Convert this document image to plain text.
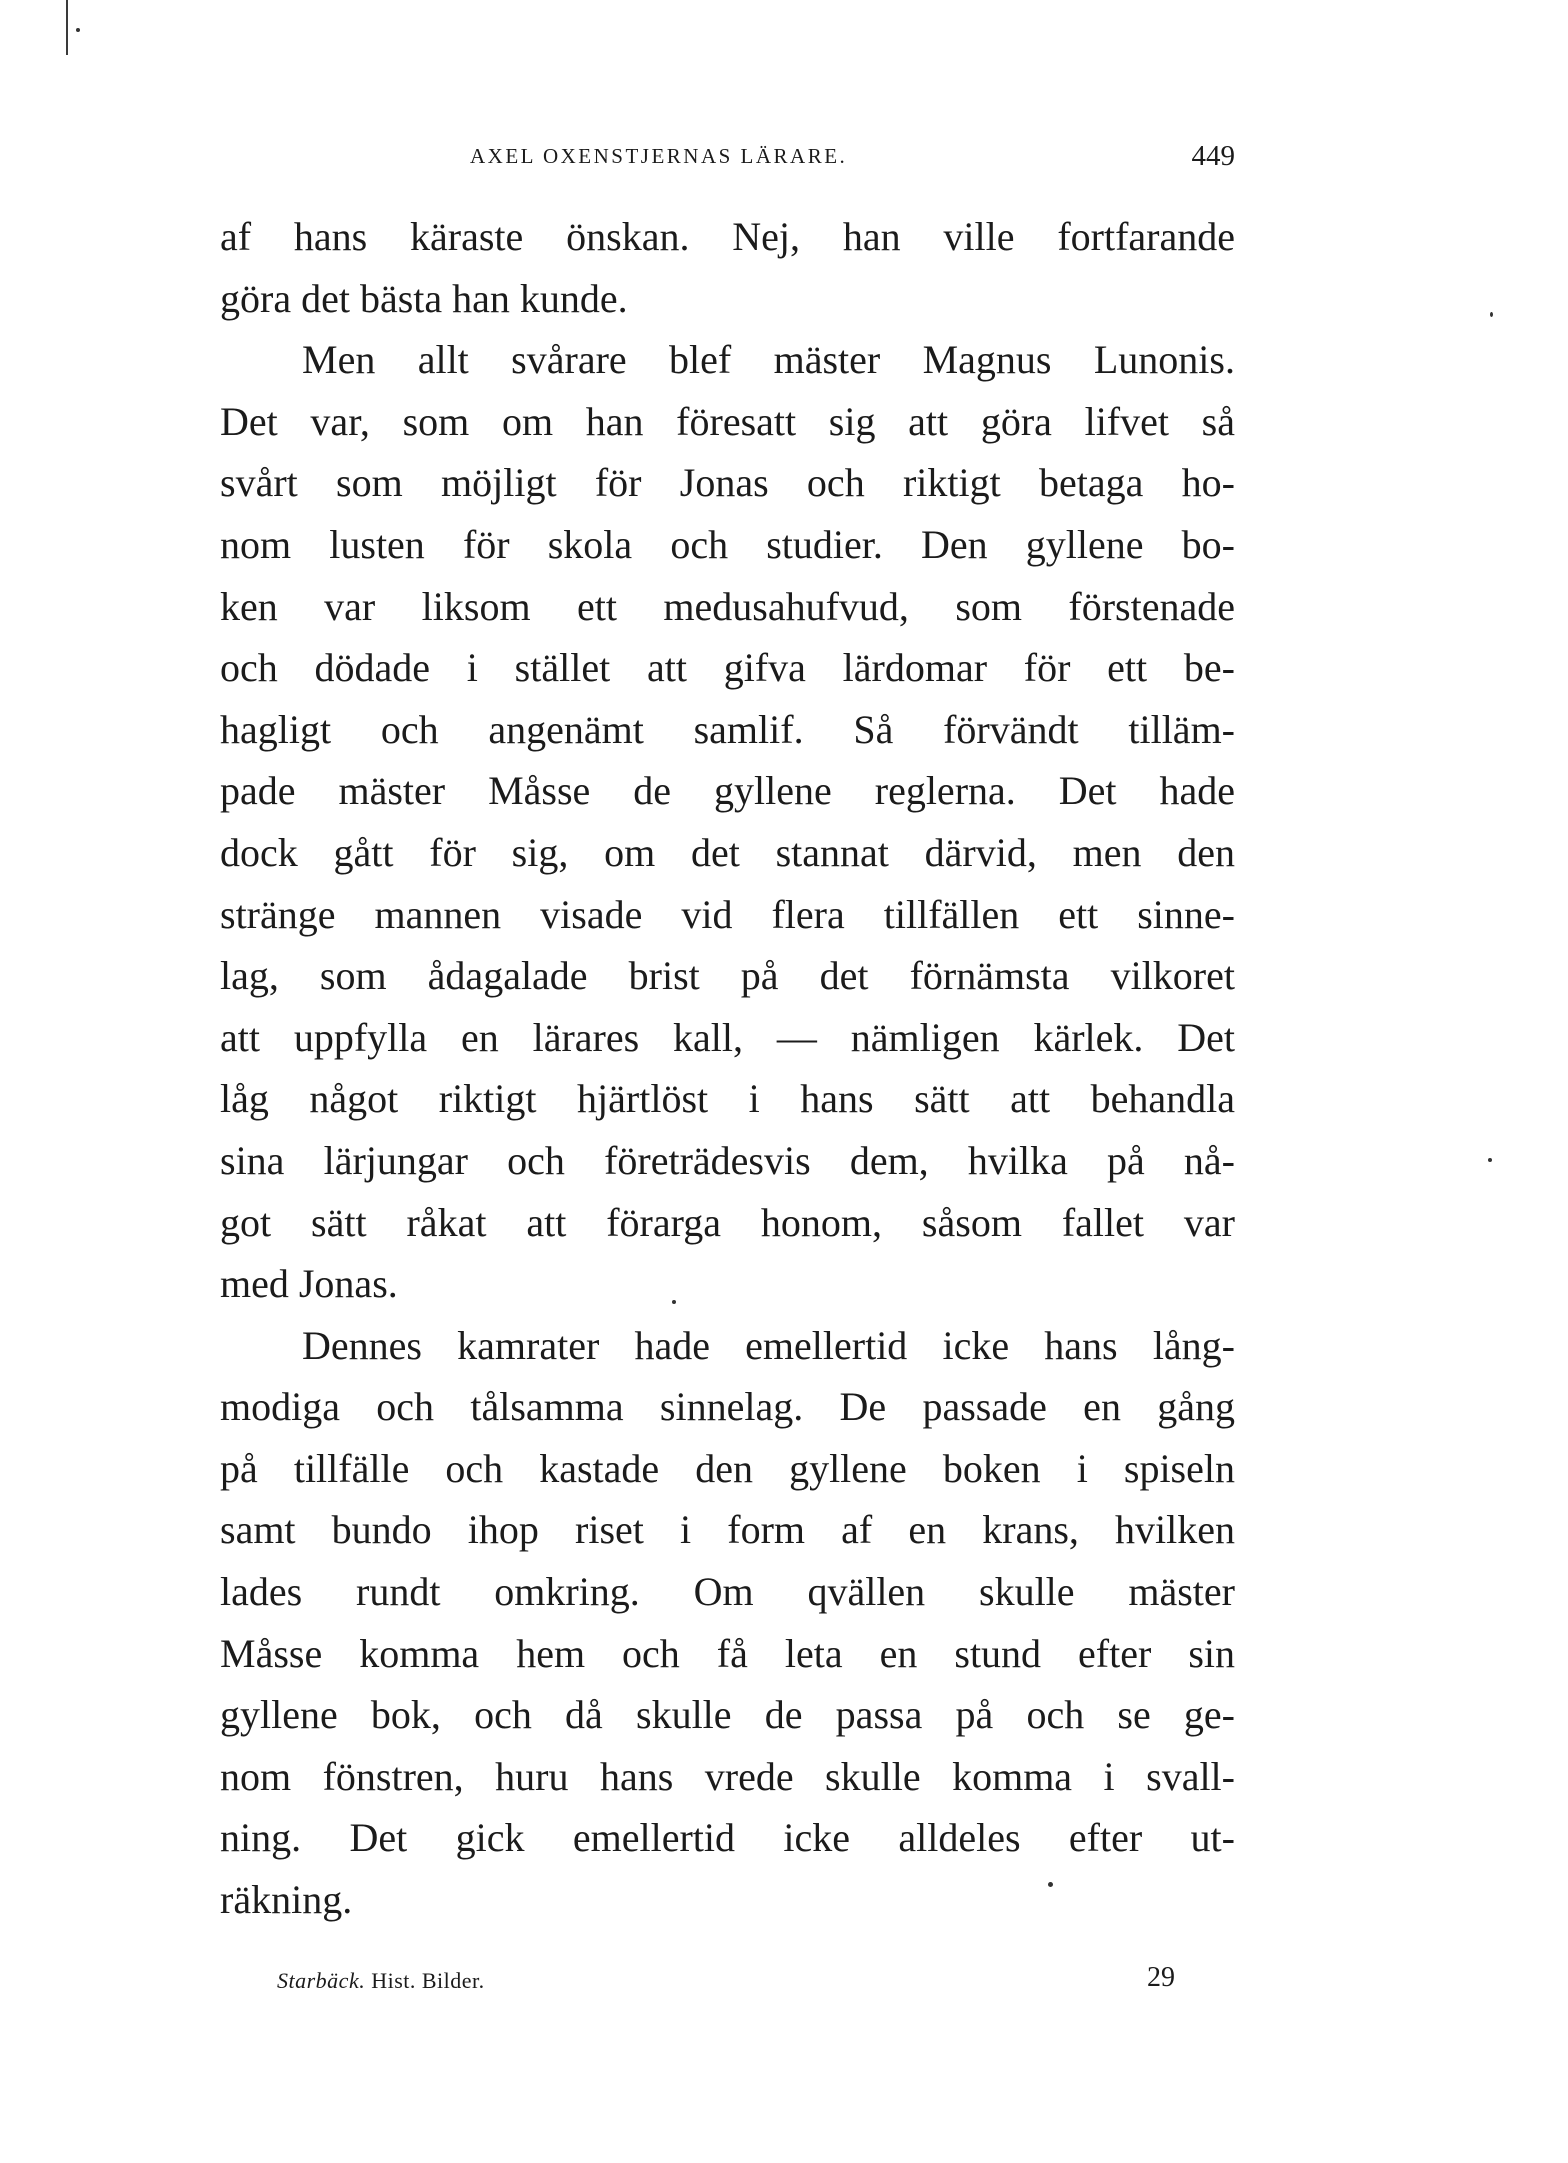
AXEL OXENSTJERNAS LÄRARE.	449
af hans käraste önskan. Nej, han ville fortfarande
göra det bästa han kunde.
Men allt svårare blef mäster Magnus Lunonis.
Det var, som om han föresatt sig att göra lifvet så
svårt som möjligt för Jonas och riktigt betaga ho-
nom lusten för skola och studier. Den gyllene bo-
ken var liksom ett medusahufvud, som förstenade
och dödade i stället att gifva lärdomar för ett be-
hagligt och angenämt samlif. Så förvändt tilläm-
pade mäster Måsse de gyllene reglerna. Det hade
dock gått för sig, om det stannat därvid, men den
stränge mannen visade vid flera tillfällen ett sinne-
lag, som ådagalade brist på det förnämsta vilkoret
att uppfylla en lärares kall, — nämligen kärlek. Det
låg något riktigt hjärtlöst i hans sätt att behandla
sina lärjungar och företrädesvis dem, hvilka på nå-
got sätt råkat att förarga honom, såsom fallet var
med Jonas.
Dennes kamrater hade emellertid icke hans lång-
modiga och tålsamma sinnelag. De passade en gång
på tillfälle och kastade den gyllene boken i spiseln
samt bundo ihop riset i form af en krans, hvilken
lades rundt omkring. Om qvällen skulle mäster
Måsse komma hem och få leta en stund efter sin
gyllene bok, och då skulle de passa på och se ge-
nom fönstren, huru hans vrede skulle komma i svall-
ning. Det gick emellertid icke alldeles efter ut-
räkning.
Starbäck. Hist. Bilder.	29
